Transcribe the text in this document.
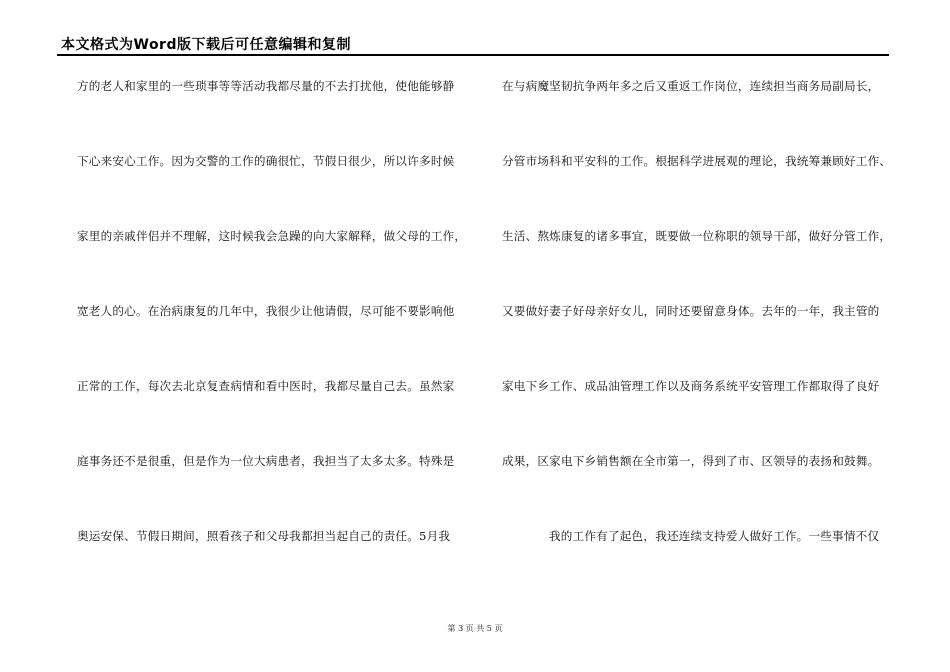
本文格式为Word版下载后可任意编辑和复制
方的老人和家里的一些琐事等等活动我都尽量的不去打扰他，使他能够静
下心来安心工作。因为交警的工作的确很忙，节假日很少，所以许多时候
家里的亲戚伴侣并不理解，这时候我会急躁的向大家解释，做父母的工作，
宽老人的心。在治病康复的几年中，我很少让他请假，尽可能不要影响他
正常的工作，每次去北京复查病情和看中医时，我都尽量自己去。虽然家
庭事务还不是很重，但是作为一位大病患者，我担当了太多太多。特殊是
奥运安保、节假日期间，照看孩子和父母我都担当起自己的责任。5月我
在与病魔坚韧抗争两年多之后又重返工作岗位，连续担当商务局副局长，
分管市场科和平安科的工作。根据科学进展观的理论，我统筹兼顾好工作、
生活、熬炼康复的诸多事宜，既要做一位称职的领导干部，做好分管工作，
又要做好妻子好母亲好女儿，同时还要留意身体。去年的一年，我主管的
家电下乡工作、成品油管理工作以及商务系统平安管理工作都取得了良好
成果，区家电下乡销售额在全市第一，得到了市、区领导的表扬和鼓舞。
我的工作有了起色，我还连续支持爱人做好工作。一些事情不仅
第 3 页 共 5 页
